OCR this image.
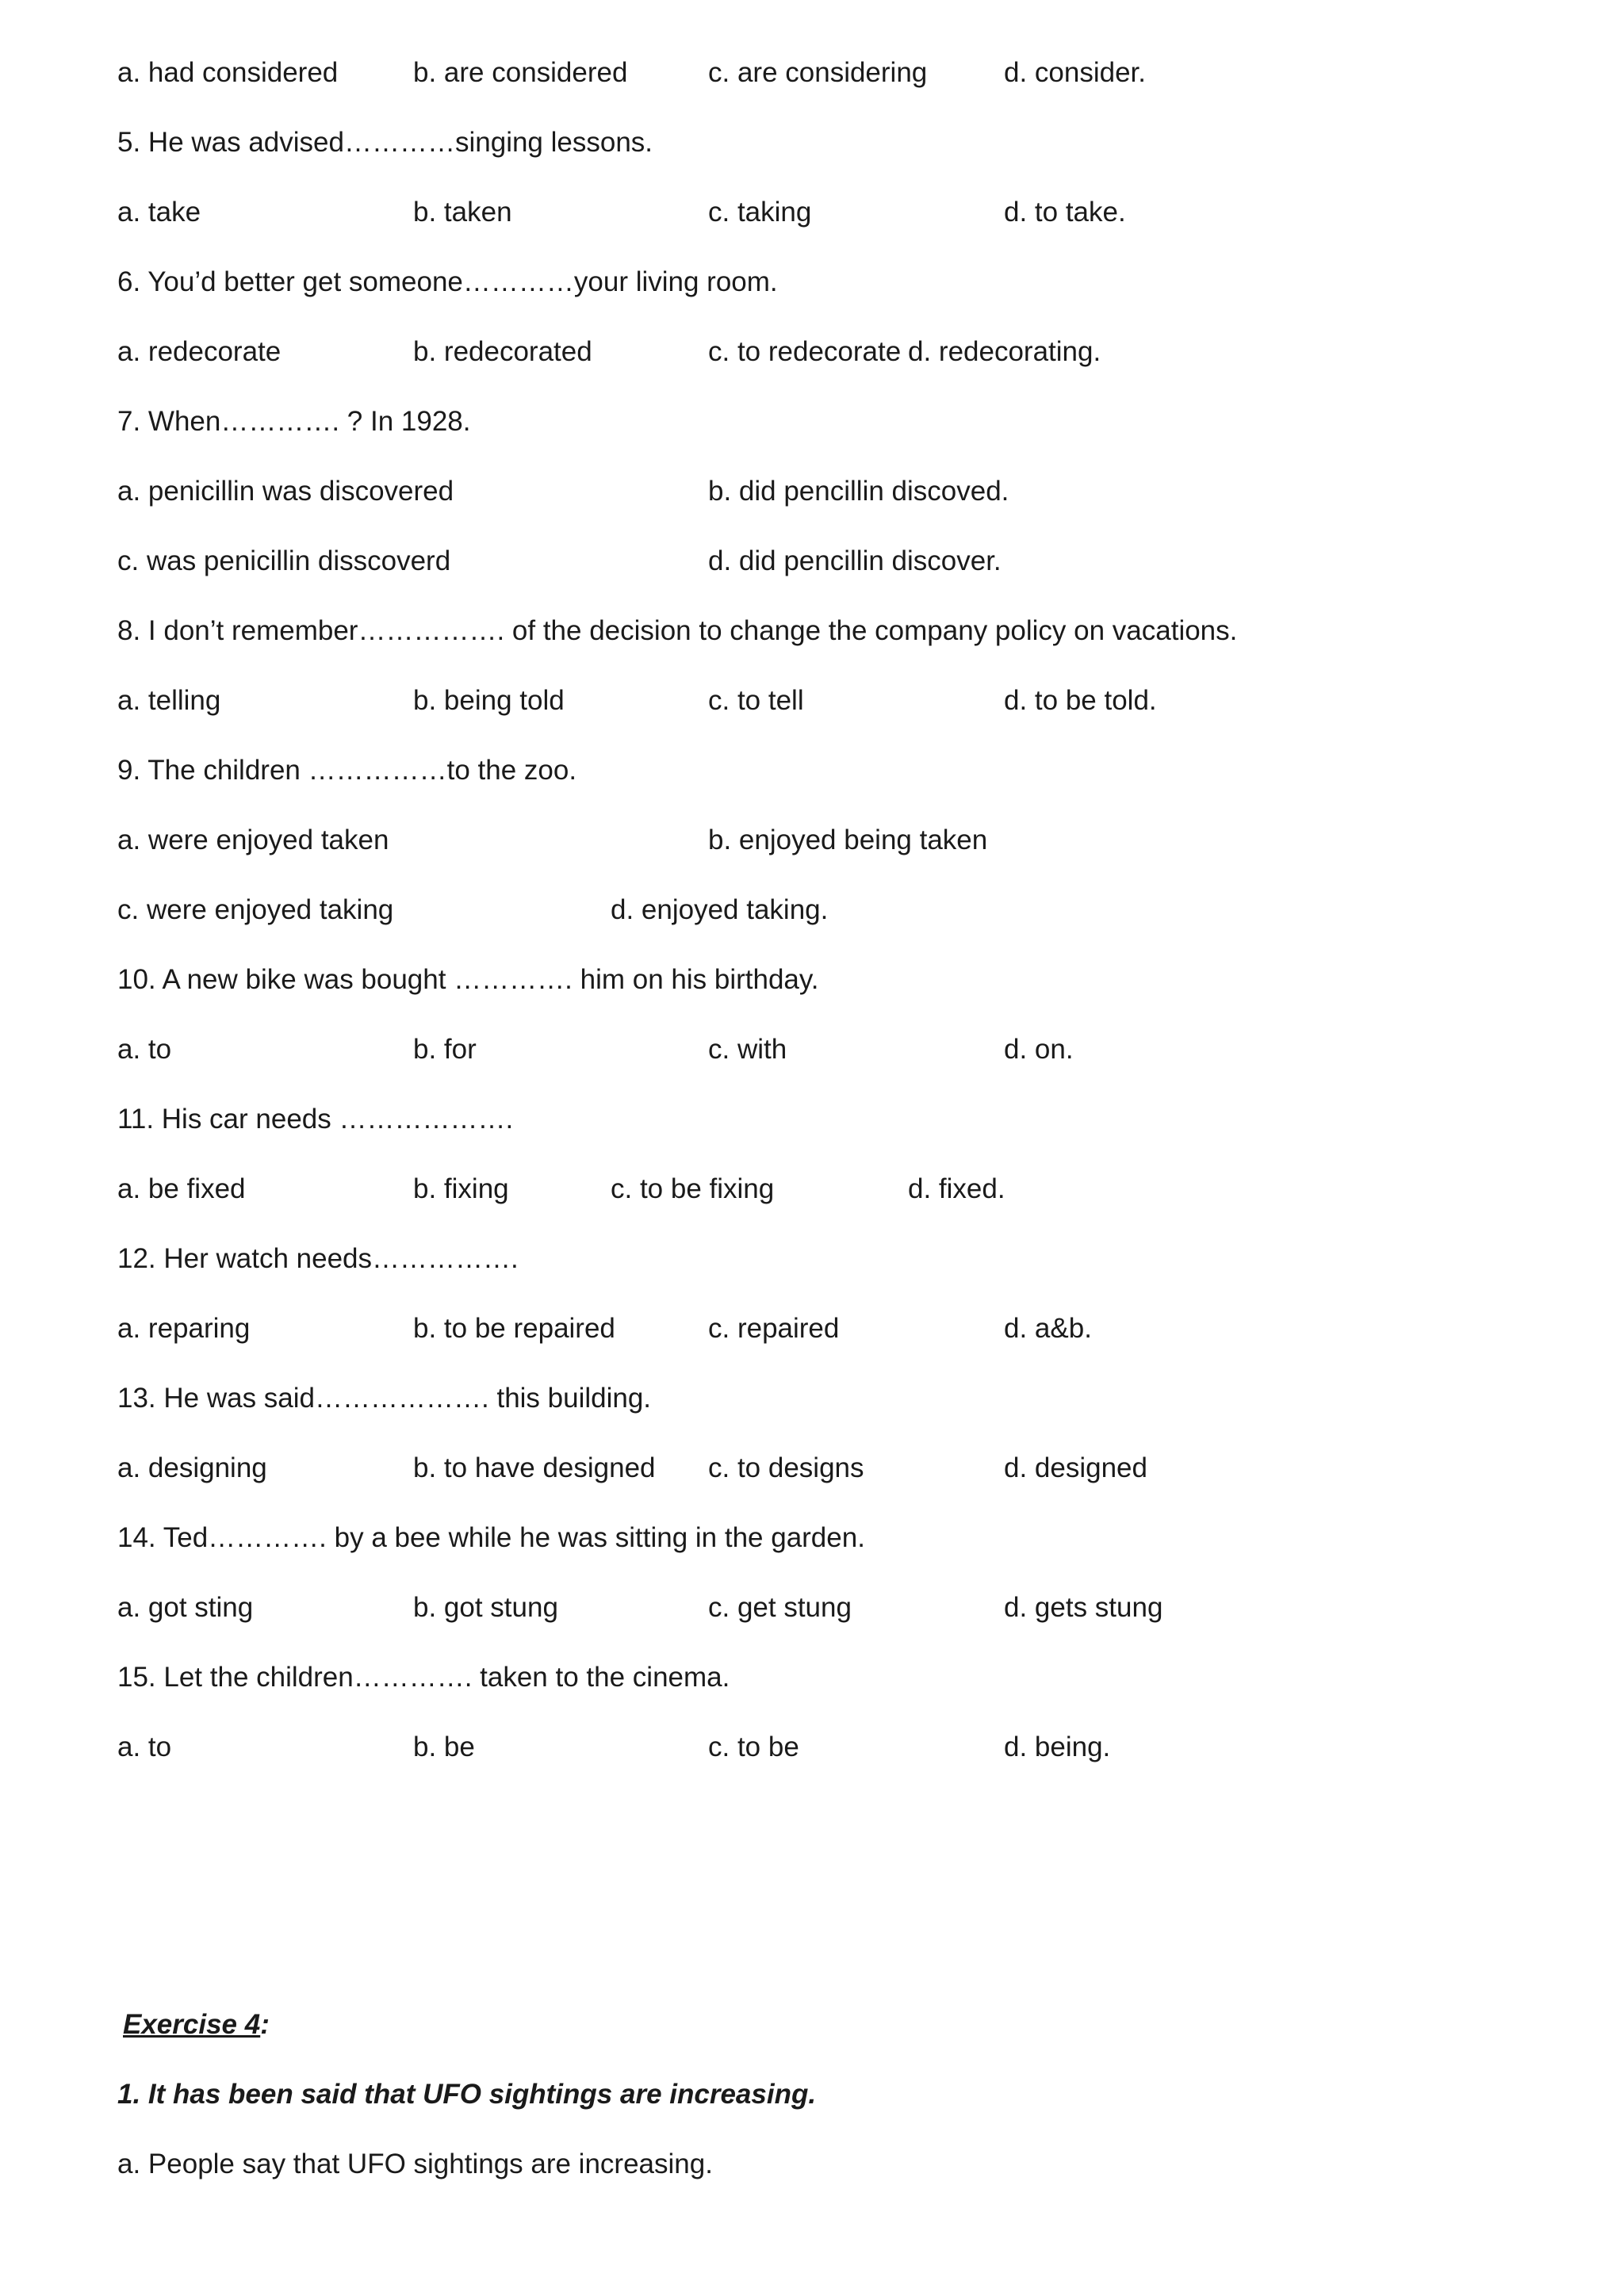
a. had considered	b. are considered	c. are considering	d. consider.
5. He was advised…………singing lessons.
a. take	b. taken	c. taking	d. to take.
6. You’d better get someone…………your living room.
a. redecorate	b. redecorated	c. to redecorate d. redecorating.
7. When…………. ? In 1928.
a. penicillin was discovered	b. did pencillin discoved.
c. was penicillin disscoverd	d. did pencillin discover.
8. I don’t remember……………. of the decision to change the company policy on vacations.
a. telling	b. being told	c. to tell	d. to be told.
9. The children ……………to the zoo.
a. were enjoyed taken	b. enjoyed being taken
c. were enjoyed taking	d. enjoyed taking.
10. A new bike was bought …………. him on his birthday.
a. to	b. for	c. with	d. on.
11. His car needs ……………….
a. be fixed	b. fixing	c. to be fixing	d. fixed.
12. Her watch needs…………….
a. reparing	b. to be repaired	c. repaired	d. a&b.
13. He was said………………. this building.
a. designing	b. to have designed c. to designs	d. designed
14. Ted…………. by a bee while he was sitting in the garden.
a. got sting	b. got stung	c. get stung	d. gets stung
15. Let the children…………. taken to the cinema.
a. to	b. be	c. to be	d. being.
Exercise 4:
1. It has been said that UFO sightings are increasing.
a. People say that UFO sightings are increasing.
